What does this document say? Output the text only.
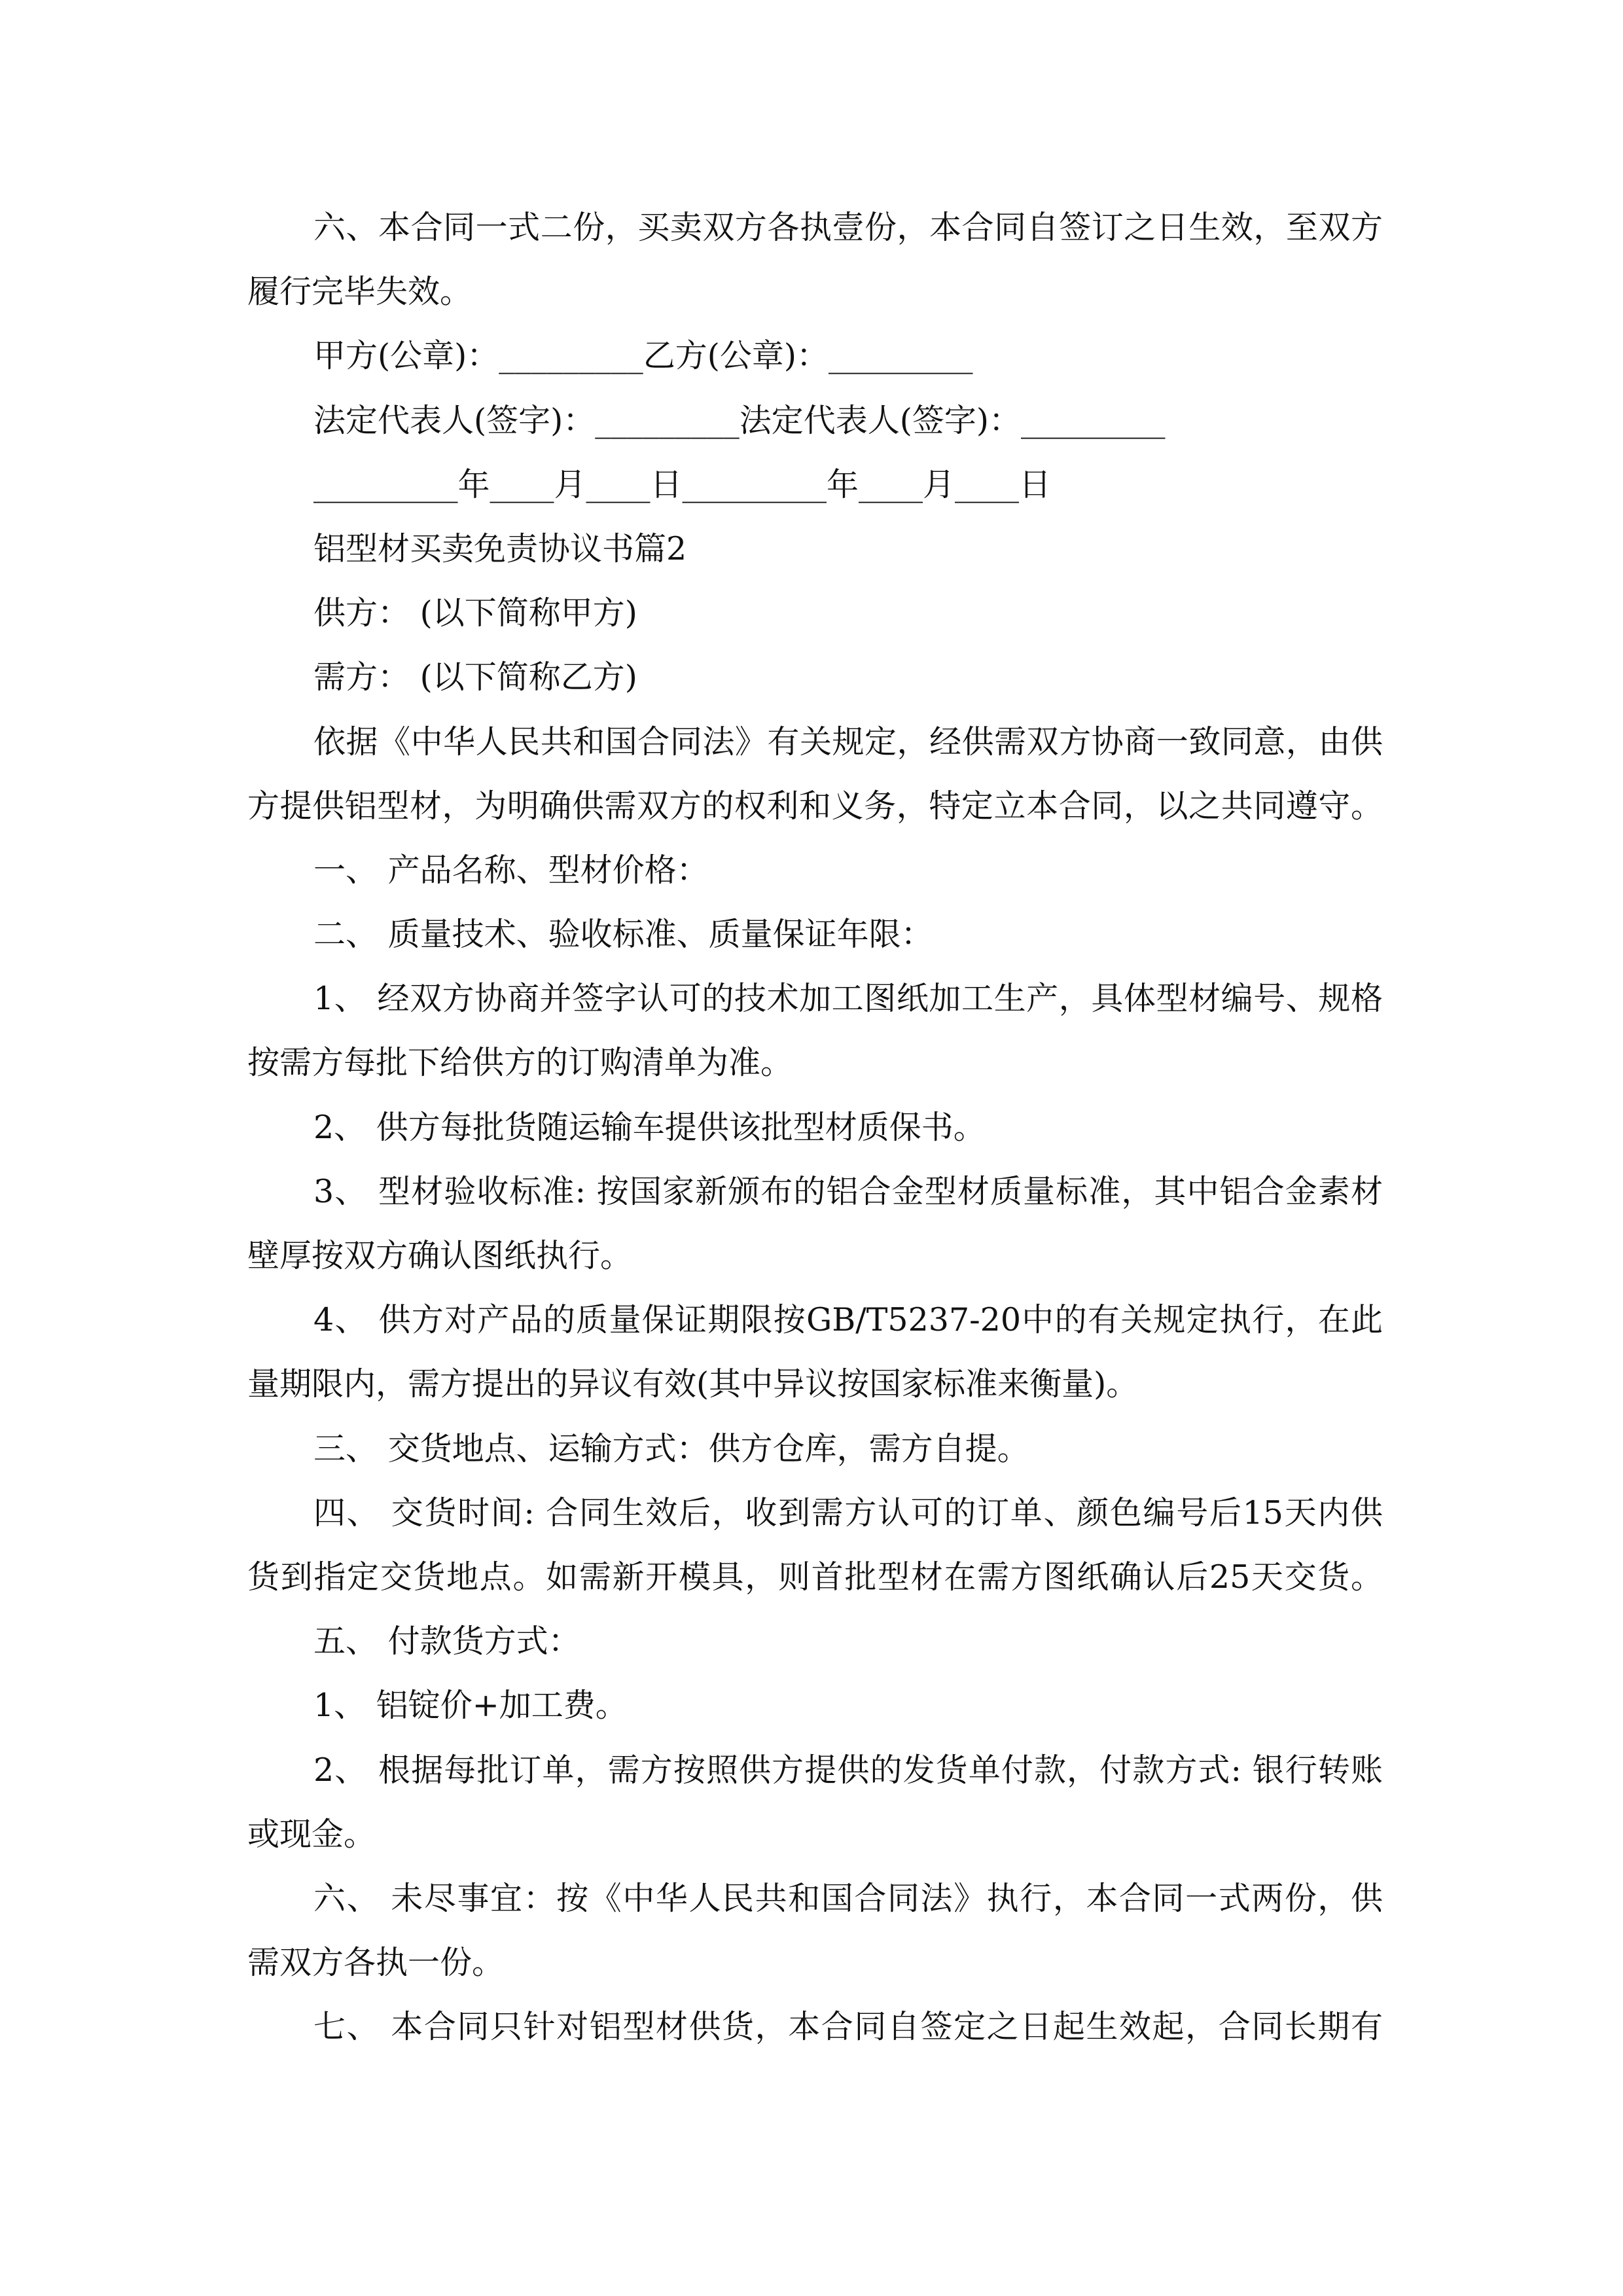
六、本合同一式二份，买卖双方各执壹份，本合同自签订之日生效，至双方
履行完毕失效。
甲方(公章)：_________乙方(公章)：_________
法定代表人(签字)：_________法定代表人(签字)：_________
_________年____月____日_________年____月____日
铝型材买卖免责协议书篇2
供方： (以下简称甲方)
需方： (以下简称乙方)
依据《中华人民共和国合同法》有关规定，经供需双方协商一致同意，由供
方提供铝型材，为明确供需双方的权利和义务，特定立本合同，以之共同遵守。
一、 产品名称、型材价格：
二、 质量技术、验收标准、质量保证年限：
1、 经双方协商并签字认可的技术加工图纸加工生产，具体型材编号、规格
按需方每批下给供方的订购清单为准。
2、 供方每批货随运输车提供该批型材质保书。
3、 型材验收标准: 按国家新颁布的铝合金型材质量标准，其中铝合金素材
壁厚按双方确认图纸执行。
4、 供方对产品的质量保证期限按GB/T5237-20中的有关规定执行，在此
量期限内，需方提出的异议有效(其中异议按国家标准来衡量)。
三、 交货地点、运输方式：供方仓库，需方自提。
四、 交货时间: 合同生效后，收到需方认可的订单、颜色编号后15天内供
货到指定交货地点。如需新开模具，则首批型材在需方图纸确认后25天交货。
五、 付款货方式：
1、 铝锭价+加工费。
2、 根据每批订单，需方按照供方提供的发货单付款，付款方式: 银行转账
或现金。
六、 未尽事宜：按《中华人民共和国合同法》执行，本合同一式两份，供
需双方各执一份。
七、 本合同只针对铝型材供货，本合同自签定之日起生效起，合同长期有
